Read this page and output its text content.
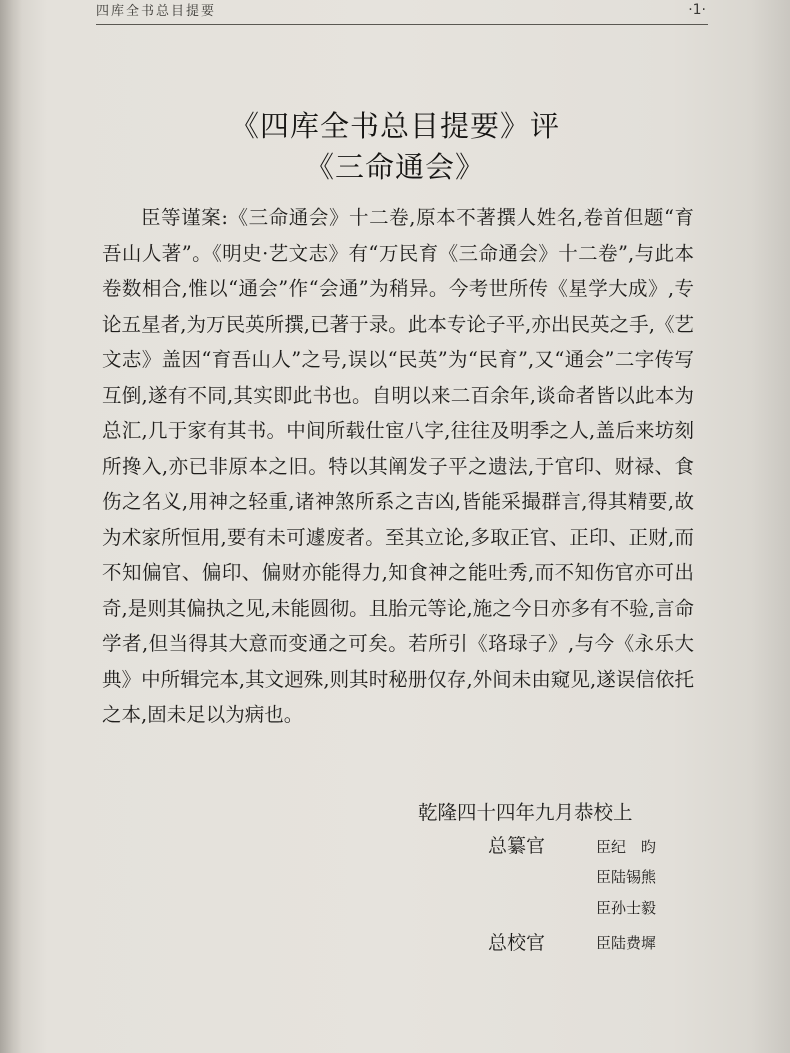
四库全书总目提要	·1·
《四库全书总目提要》评
《三命通会》
臣等谨案:《三命通会》十二卷,原本不著撰人姓名,卷首但题“育吾山人著”。《明史·艺文志》有“万民育《三命通会》十二卷”,与此本卷数相合,惟以“通会”作“会通”为稍异。今考世所传《星学大成》,专论五星者,为万民英所撰,已著于录。此本专论子平,亦出民英之手,《艺文志》盖因“育吾山人”之号,误以“民英”为“民育”,又“通会”二字传写互倒,遂有不同,其实即此书也。自明以来二百余年,谈命者皆以此本为总汇,几于家有其书。中间所载仕宦八字,往往及明季之人,盖后来坊刻所搀入,亦已非原本之旧。特以其阐发子平之遗法,于官印、财禄、食伤之名义,用神之轻重,诸神煞所系之吉凶,皆能采撮群言,得其精要,故为术家所恒用,要有未可遽废者。至其立论,多取正官、正印、正财,而不知偏官、偏印、偏财亦能得力,知食神之能吐秀,而不知伤官亦可出奇,是则其偏执之见,未能圆彻。且胎元等论,施之今日亦多有不验,言命学者,但当得其大意而变通之可矣。若所引《珞琭子》,与今《永乐大典》中所辑完本,其文迥殊,则其时秘册仅存,外间未由窥见,遂误信依托之本,固未足以为病也。
乾隆四十四年九月恭校上
总纂官	臣纪　昀
臣陆锡熊
臣孙士毅
总校官	臣陆费墀
